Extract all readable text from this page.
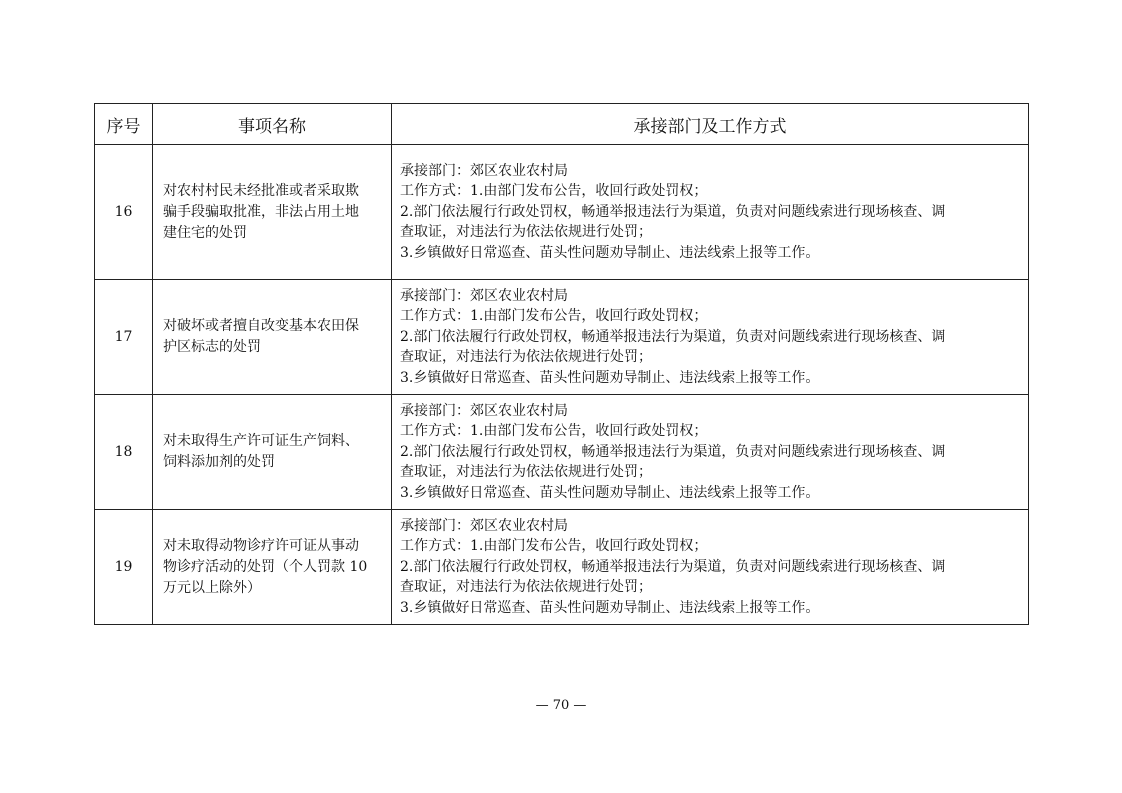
序号	事项名称	承接部门及工作方式
16	对农村村民未经批准或者采取欺
骗手段骗取批准，非法占用土地
建住宅的处罚	承接部门：郊区农业农村局
工作方式：1.由部门发布公告，收回行政处罚权；
2.部门依法履行行政处罚权，畅通举报违法行为渠道，负责对问题线索进行现场核查、调
查取证，对违法行为依法依规进行处罚；
3.乡镇做好日常巡查、苗头性问题劝导制止、违法线索上报等工作。

17	对破坏或者擅自改变基本农田保
护区标志的处罚	承接部门：郊区农业农村局
工作方式：1.由部门发布公告，收回行政处罚权；
2.部门依法履行行政处罚权，畅通举报违法行为渠道，负责对问题线索进行现场核查、调
查取证，对违法行为依法依规进行处罚；
3.乡镇做好日常巡查、苗头性问题劝导制止、违法线索上报等工作。

18	对未取得生产许可证生产饲料、
饲料添加剂的处罚	承接部门：郊区农业农村局
工作方式：1.由部门发布公告，收回行政处罚权；
2.部门依法履行行政处罚权，畅通举报违法行为渠道，负责对问题线索进行现场核查、调
查取证，对违法行为依法依规进行处罚；
3.乡镇做好日常巡查、苗头性问题劝导制止、违法线索上报等工作。

19	对未取得动物诊疗许可证从事动
物诊疗活动的处罚（个人罚款 10
万元以上除外）	承接部门：郊区农业农村局
工作方式：1.由部门发布公告，收回行政处罚权；
2.部门依法履行行政处罚权，畅通举报违法行为渠道，负责对问题线索进行现场核查、调
查取证，对违法行为依法依规进行处罚；
3.乡镇做好日常巡查、苗头性问题劝导制止、违法线索上报等工作。
— 70 —
